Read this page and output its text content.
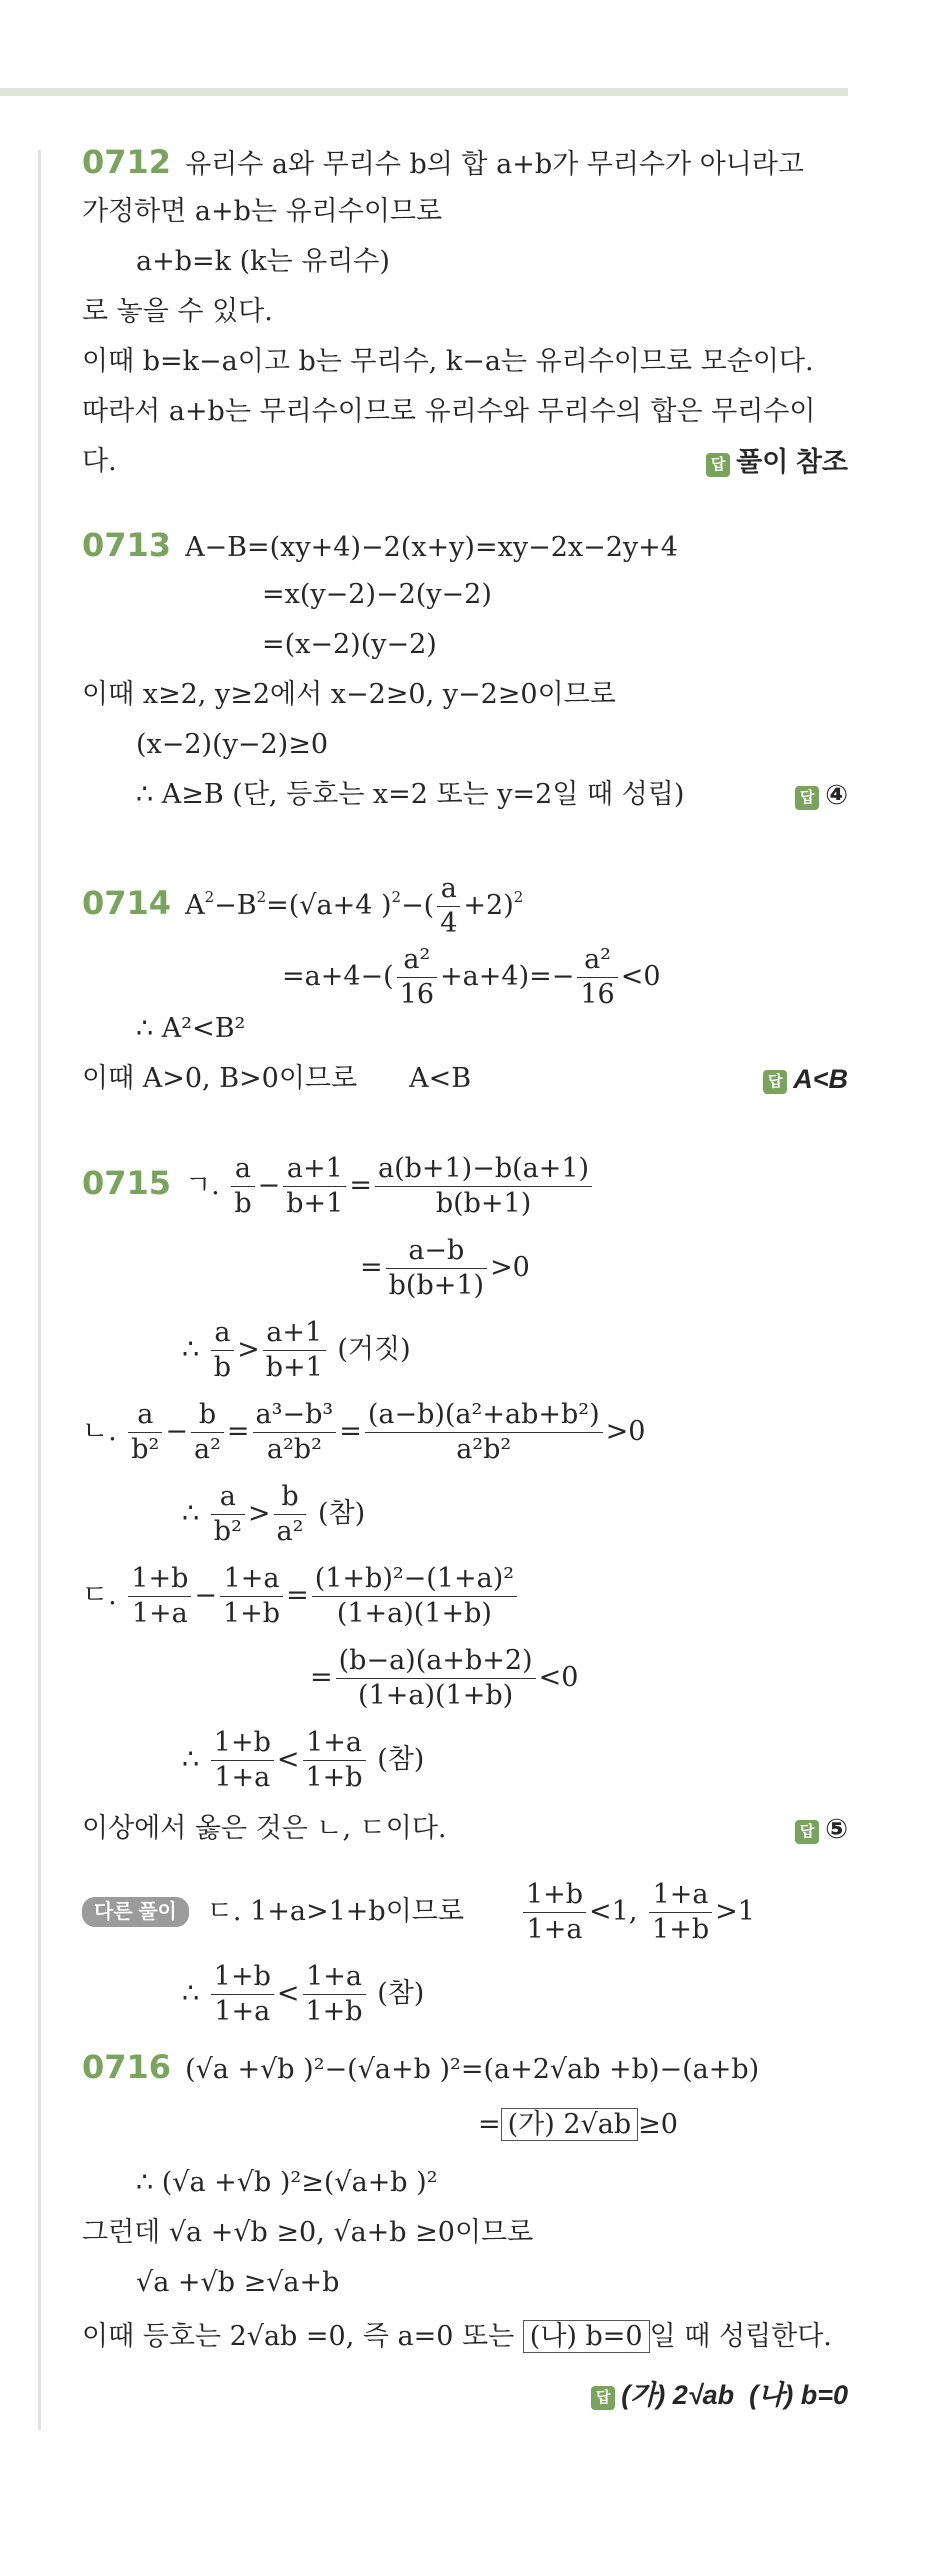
0712 유리수 a와 무리수 b의 합 a+b가 무리수가 아니라고
가정하면 a+b는 유리수이므로
a+b=k (k는 유리수)
로 놓을 수 있다.
이때 b=k−a이고 b는 무리수, k−a는 유리수이므로 모순이다.
따라서 a+b는 무리수이므로 유리수와 무리수의 합은 무리수이
다.	답 풀이 참조
0713 A−B=(xy+4)−2(x+y)=xy−2x−2y+4
=x(y−2)−2(y−2)
=(x−2)(y−2)
이때 x≥2, y≥2에서 x−2≥0, y−2≥0이므로
(x−2)(y−2)≥0
∴ A≥B (단, 등호는 x=2 또는 y=2일 때 성립)	답 ④
0714 $A^2-B^2=(√a+4$ )$^2-( \frac{a}{4} +2)^2$
$=a+4-( \frac{\text{a²}}{16} +a+4)=- \frac{\text{a²}}{16} <0$
∴ A²<B²
이때 A>0, B>0이므로 A<B	답 A<B
0715 ㄱ. $\frac{a}{b} - \frac{a+1}{b+1} = \frac{a(b+1)-b(a+1)}{b(b+1)}$
= $\frac{a-b}{b(b+1)} >0$
∴ $\frac{a}{b} > \frac{a+1}{b+1}$ (거짓)
ㄴ. $\frac{a}{\text{b²}} - \frac{b}{\text{a²}} = \frac{\text{a³−b³}}{\text{a²b²}} = \frac{\text{(a−b)(a²+ab+b²)}}{\text{a²b²}} >0$
∴ $\frac{a}{\text{b²}} > \frac{b}{\text{a²}}$ (참)
ㄷ. $\frac{1+b}{1+a} - \frac{1+a}{1+b} = \frac{\text{(1+b)²−(1+a)²}}{(1+a)(1+b)}$
= $\frac{(b-a)(a+b+2)}{(1+a)(1+b)} <0$
∴ $\frac{1+b}{1+a} < \frac{1+a}{1+b}$ (참)
이상에서 옳은 것은 ㄴ, ㄷ이다.	답 ⑤
다른 풀이 ㄷ. 1+a>1+b이므로 $\frac{1+b}{1+a} <1$, $\frac{1+a}{1+b} >1$
∴ $\frac{1+b}{1+a} < \frac{1+a}{1+b}$ (참)
0716 (√a +√b )²−(√a+b )²=(a+2√ab +b)−(a+b)
= (가) 2√ab ≥0
∴ (√a +√b )²≥(√a+b )²
그런데 √a +√b ≥0, √a+b ≥0이므로
√a +√b ≥√a+b
이때 등호는 2√ab =0, 즉 a=0 또는 (나) b=0 일 때 성립한다.
답 (가) 2√ab (나) b=0
